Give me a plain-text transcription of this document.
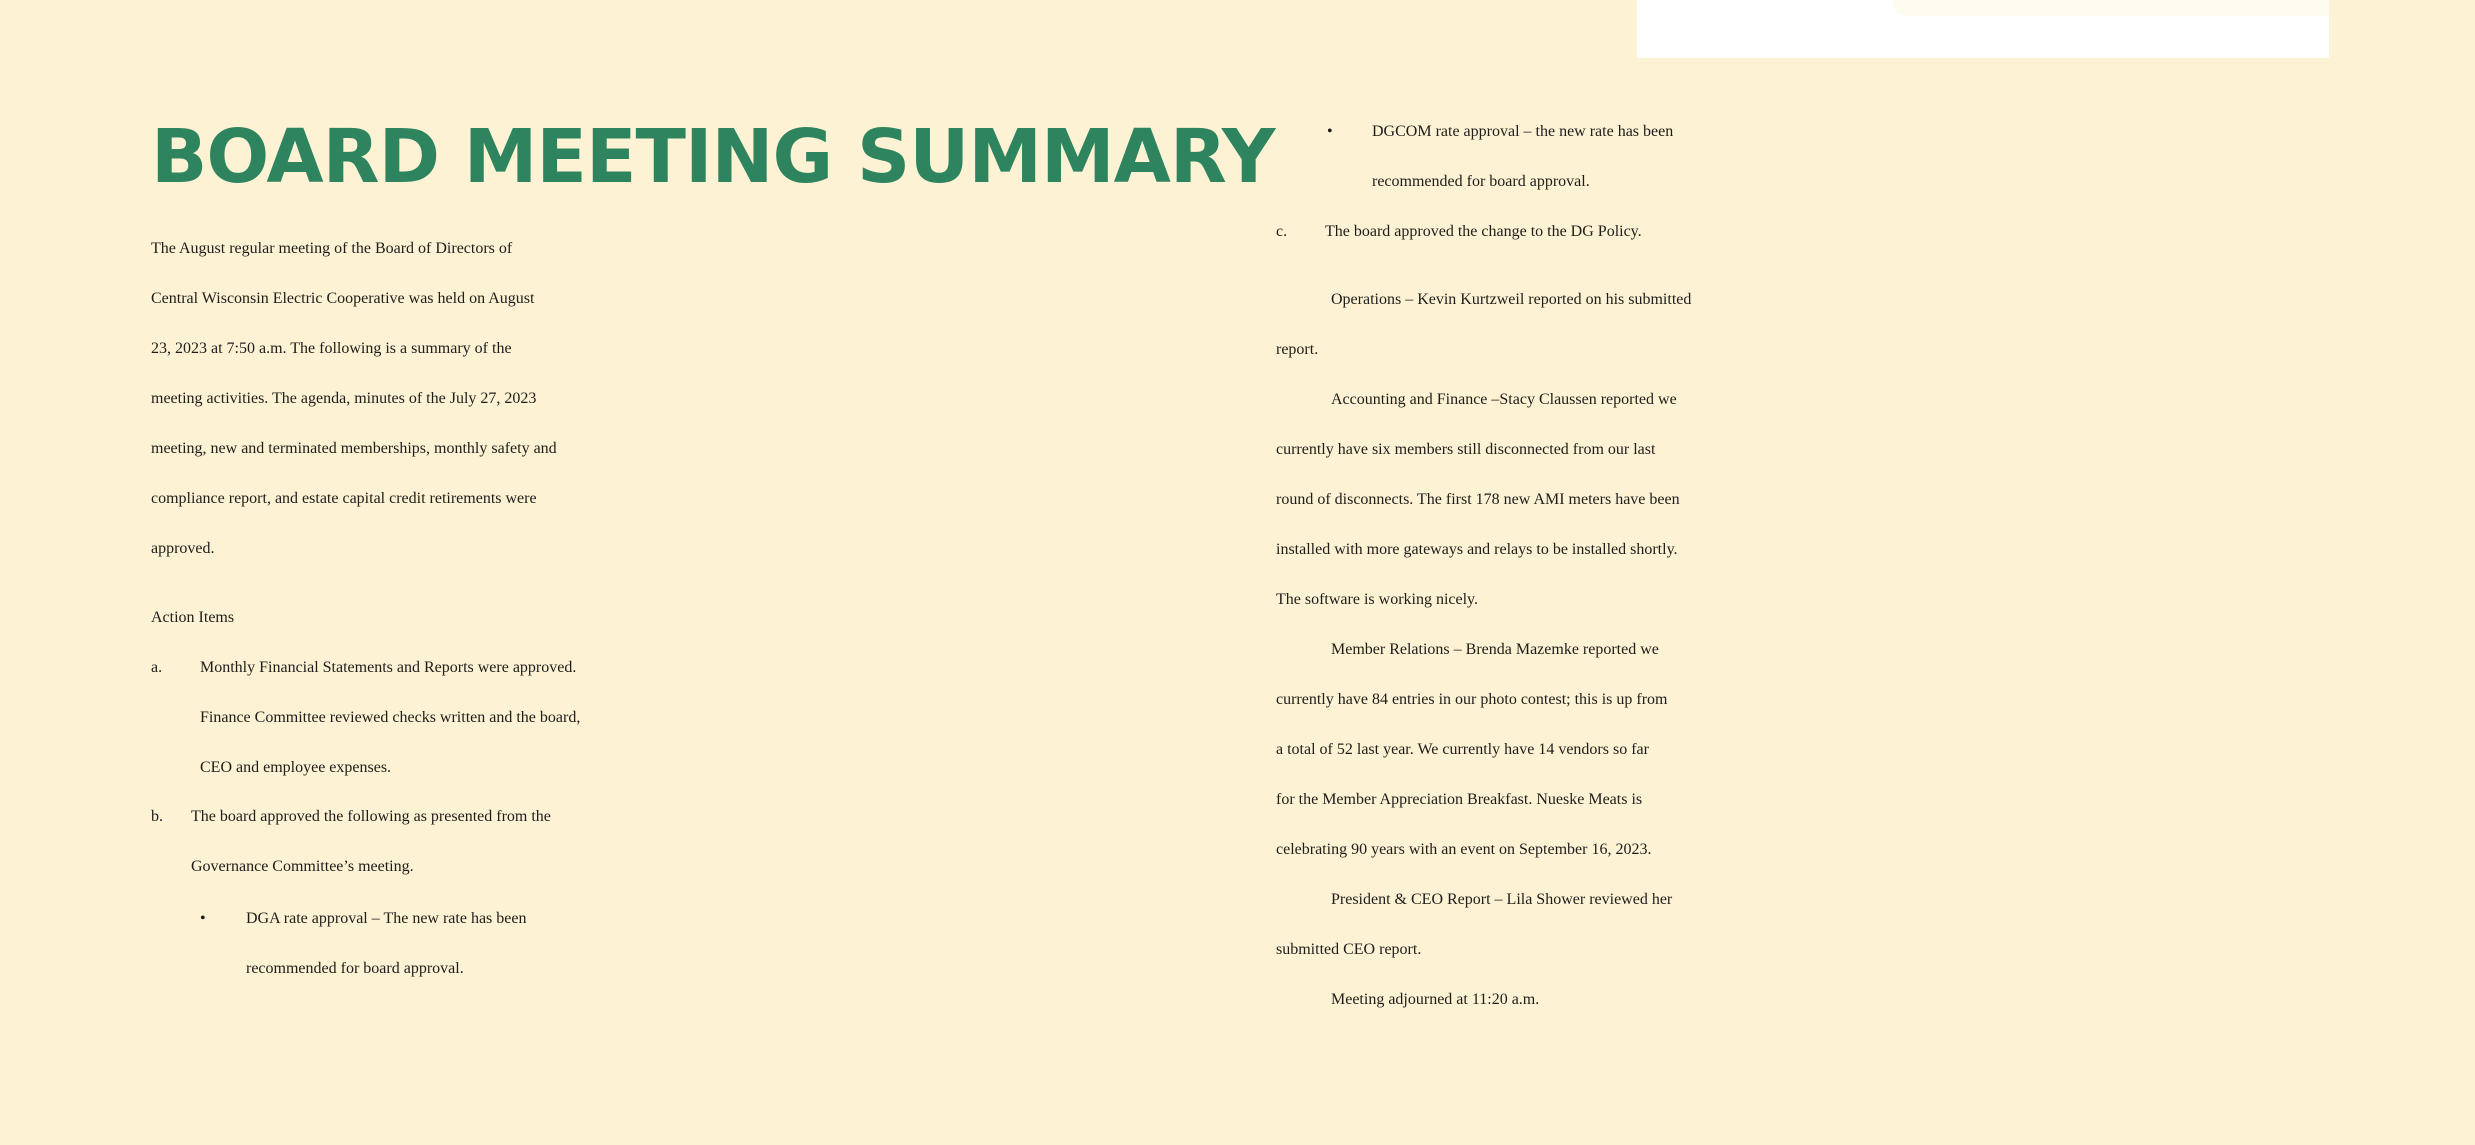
BOARD MEETING SUMMARY
The August regular meeting of the Board of Directors of
Central Wisconsin Electric Cooperative was held on August
23, 2023 at 7:50 a.m. The following is a summary of the
meeting activities. The agenda, minutes of the July 27, 2023
meeting, new and terminated memberships, monthly safety and
compliance report, and estate capital credit retirements were
approved.
Action Items
a. Monthly Financial Statements and Reports were approved.
Finance Committee reviewed checks written and the board,
CEO and employee expenses.
b. The board approved the following as presented from the
Governance Committee’s meeting.
•	DGA rate approval – The new rate has been
recommended for board approval.
• DGCOM rate approval – the new rate has been
recommended for board approval.
c. The board approved the change to the DG Policy.
Operations – Kevin Kurtzweil reported on his submitted
report.
Accounting and Finance –Stacy Claussen reported we
currently have six members still disconnected from our last
round of disconnects. The first 178 new AMI meters have been
installed with more gateways and relays to be installed shortly.
The software is working nicely.
Member Relations – Brenda Mazemke reported we
currently have 84 entries in our photo contest; this is up from
a total of 52 last year. We currently have 14 vendors so far
for the Member Appreciation Breakfast. Nueske Meats is
celebrating 90 years with an event on September 16, 2023.
President & CEO Report – Lila Shower reviewed her
submitted CEO report.
Meeting adjourned at 11:20 a.m.
